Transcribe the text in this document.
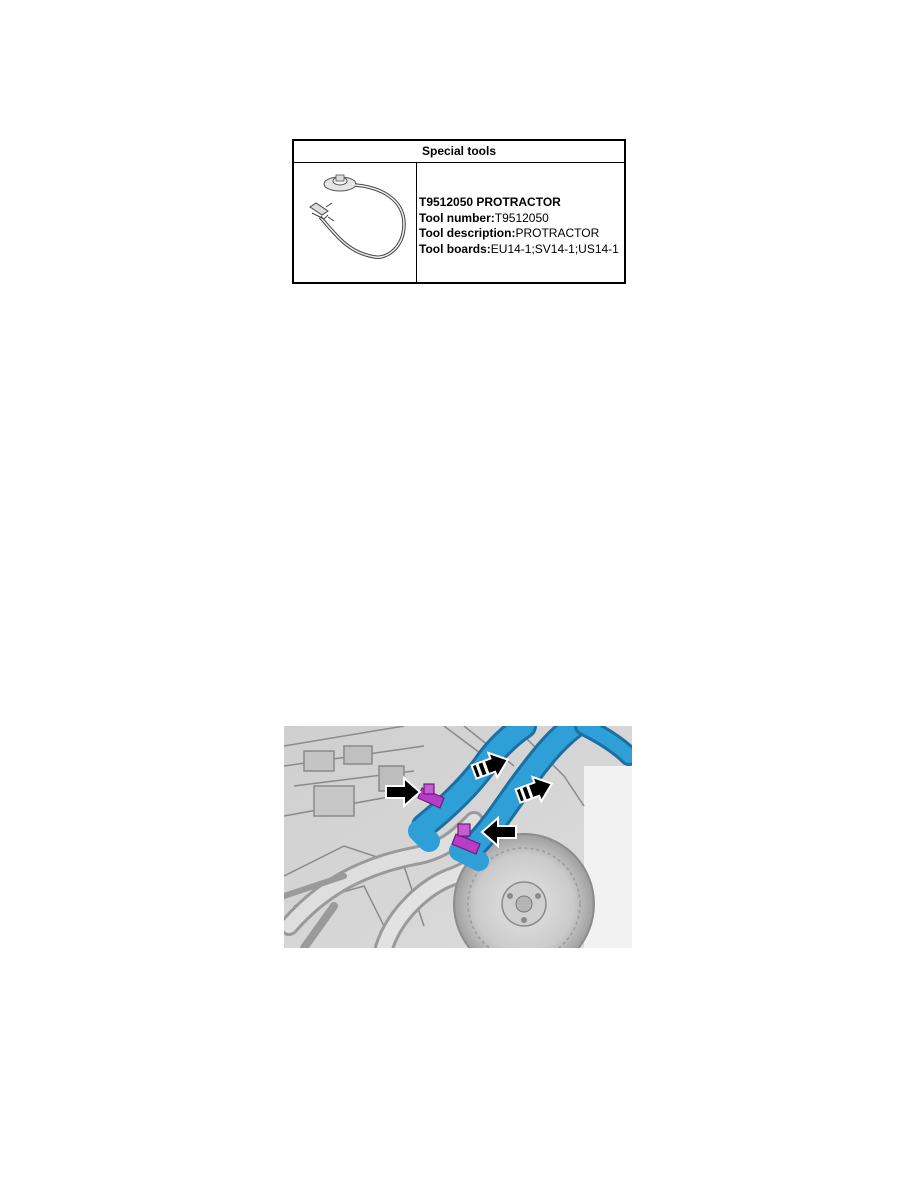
Special tools
T9512050 PROTRACTOR
Tool number:T9512050
Tool description:PROTRACTOR
Tool boards:EU14-1;SV14-1;US14-1
